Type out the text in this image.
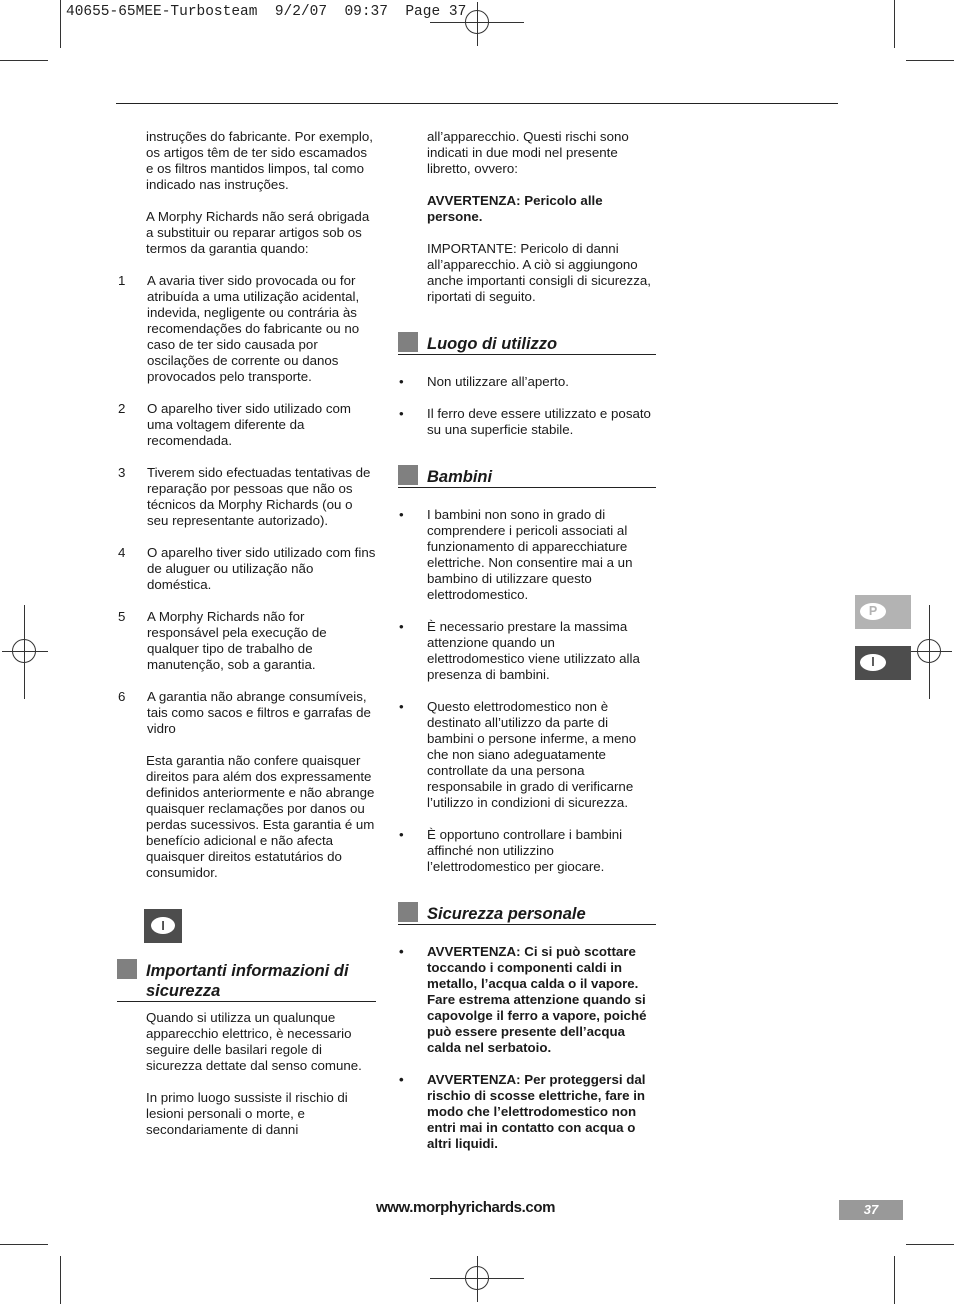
40655-65MEE-Turbosteam  9/2/07  09:37  Page 37

instruções do fabricante. Por exemplo, os artigos têm de ter sido escamados e os filtros mantidos limpos, tal como indicado nas instruções.

A Morphy Richards não será obrigada a substituir ou reparar artigos sob os termos da garantia quando:

1 A avaria tiver sido provocada ou for atribuída a uma utilização acidental, indevida, negligente ou contrária às recomendações do fabricante ou no caso de ter sido causada por oscilações de corrente ou danos provocados pelo transporte.
2 O aparelho tiver sido utilizado com uma voltagem diferente da recomendada.
3 Tiverem sido efectuadas tentativas de reparação por pessoas que não os técnicos da Morphy Richards (ou o seu representante autorizado).
4 O aparelho tiver sido utilizado com fins de aluguer ou utilização não doméstica.
5 A Morphy Richards não for responsável pela execução de qualquer tipo de trabalho de manutenção, sob a garantia.
6 A garantia não abrange consumíveis, tais como sacos e filtros e garrafas de vidro

Esta garantia não confere quaisquer direitos para além dos expressamente definidos anteriormente e não abrange quaisquer reclamações por danos ou perdas sucessivos. Esta garantia é um benefício adicional e não afecta quaisquer direitos estatutários do consumidor.

I
Importanti informazioni di sicurezza

Quando si utilizza un qualunque apparecchio elettrico, è necessario seguire delle basilari regole di sicurezza dettate dal senso comune.

In primo luogo sussiste il rischio di lesioni personali o morte, e secondariamente di danni

all’apparecchio. Questi rischi sono indicati in due modi nel presente libretto, ovvero:

AVVERTENZA: Pericolo alle persone.

IMPORTANTE: Pericolo di danni all’apparecchio. A ciò si aggiungono anche importanti consigli di sicurezza, riportati di seguito.

Luogo di utilizzo
• Non utilizzare all’aperto.
• Il ferro deve essere utilizzato e posato su una superficie stabile.
Bambini
• I bambini non sono in grado di comprendere i pericoli associati al funzionamento di apparecchiature elettriche. Non consentire mai a un bambino di utilizzare questo elettrodomestico.
• È necessario prestare la massima attenzione quando un elettrodomestico viene utilizzato alla presenza di bambini.
• Questo elettrodomestico non è destinato all’utilizzo da parte di bambini o persone inferme, a meno che non siano adeguatamente controllate da una persona responsabile in grado di verificarne l’utilizzo in condizioni di sicurezza.
• È opportuno controllare i bambini affinché non utilizzino l’elettrodomestico per giocare.
Sicurezza personale
• AVVERTENZA: Ci si può scottare toccando i componenti caldi in metallo, l’acqua calda o il vapore. Fare estrema attenzione quando si capovolge il ferro a vapore, poiché può essere presente dell’acqua calda nel serbatoio.
• AVVERTENZA: Per proteggersi dal rischio di scosse elettriche, fare in modo che l’elettrodomestico non entri mai in contatto con acqua o altri liquidi.
P
I
www.morphyrichards.com	37
